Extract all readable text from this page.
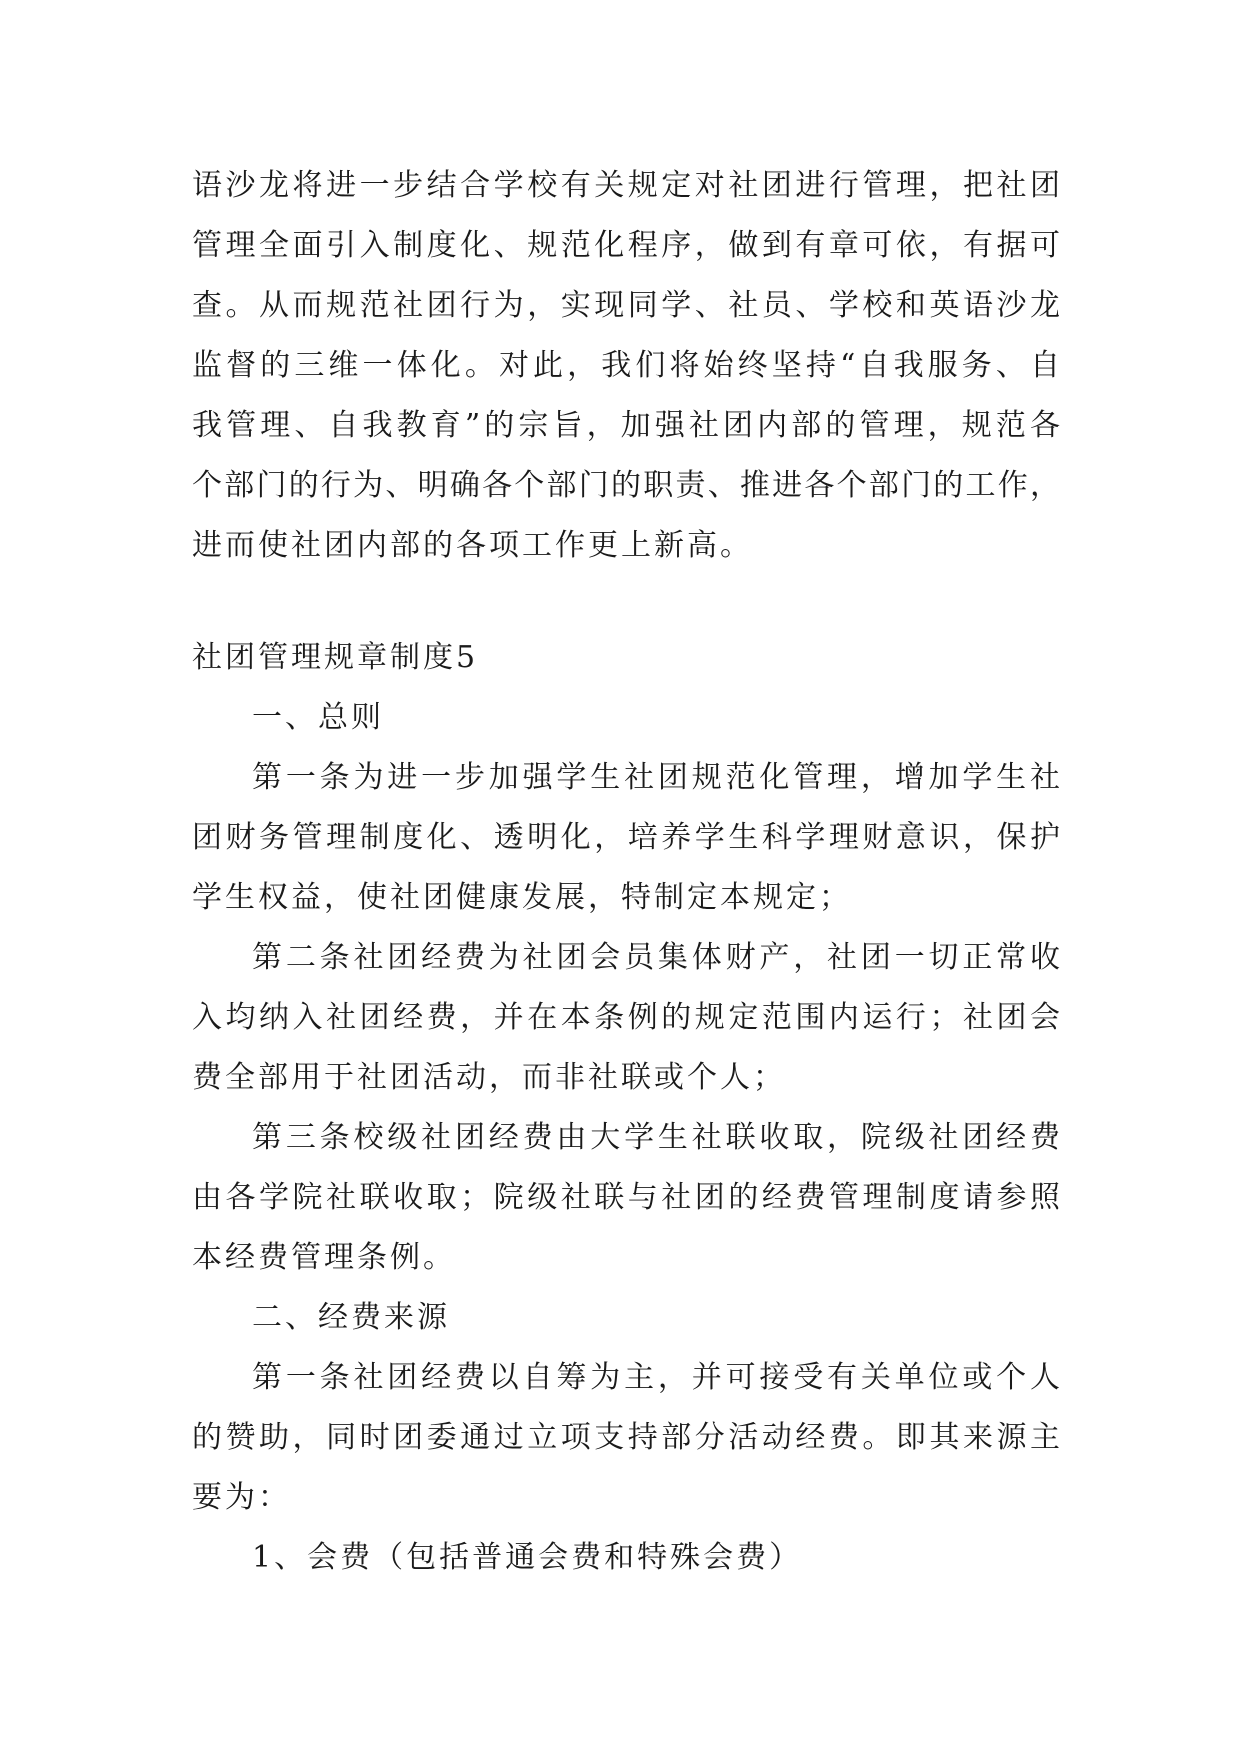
语沙龙将进一步结合学校有关规定对社团进行管理，把社团
管理全面引入制度化、规范化程序，做到有章可依，有据可
查。从而规范社团行为，实现同学、社员、学校和英语沙龙
监督的三维一体化。对此，我们将始终坚持“自我服务、自
我管理、自我教育”的宗旨，加强社团内部的管理，规范各
个部门的行为、明确各个部门的职责、推进各个部门的工作，
进而使社团内部的各项工作更上新高。
社团管理规章制度5
一、总则
第一条为进一步加强学生社团规范化管理，增加学生社
团财务管理制度化、透明化，培养学生科学理财意识，保护
学生权益，使社团健康发展，特制定本规定；
第二条社团经费为社团会员集体财产，社团一切正常收
入均纳入社团经费，并在本条例的规定范围内运行；社团会
费全部用于社团活动，而非社联或个人；
第三条校级社团经费由大学生社联收取，院级社团经费
由各学院社联收取；院级社联与社团的经费管理制度请参照
本经费管理条例。
二、经费来源
第一条社团经费以自筹为主，并可接受有关单位或个人
的赞助，同时团委通过立项支持部分活动经费。即其来源主
要为：
1、会费（包括普通会费和特殊会费）
